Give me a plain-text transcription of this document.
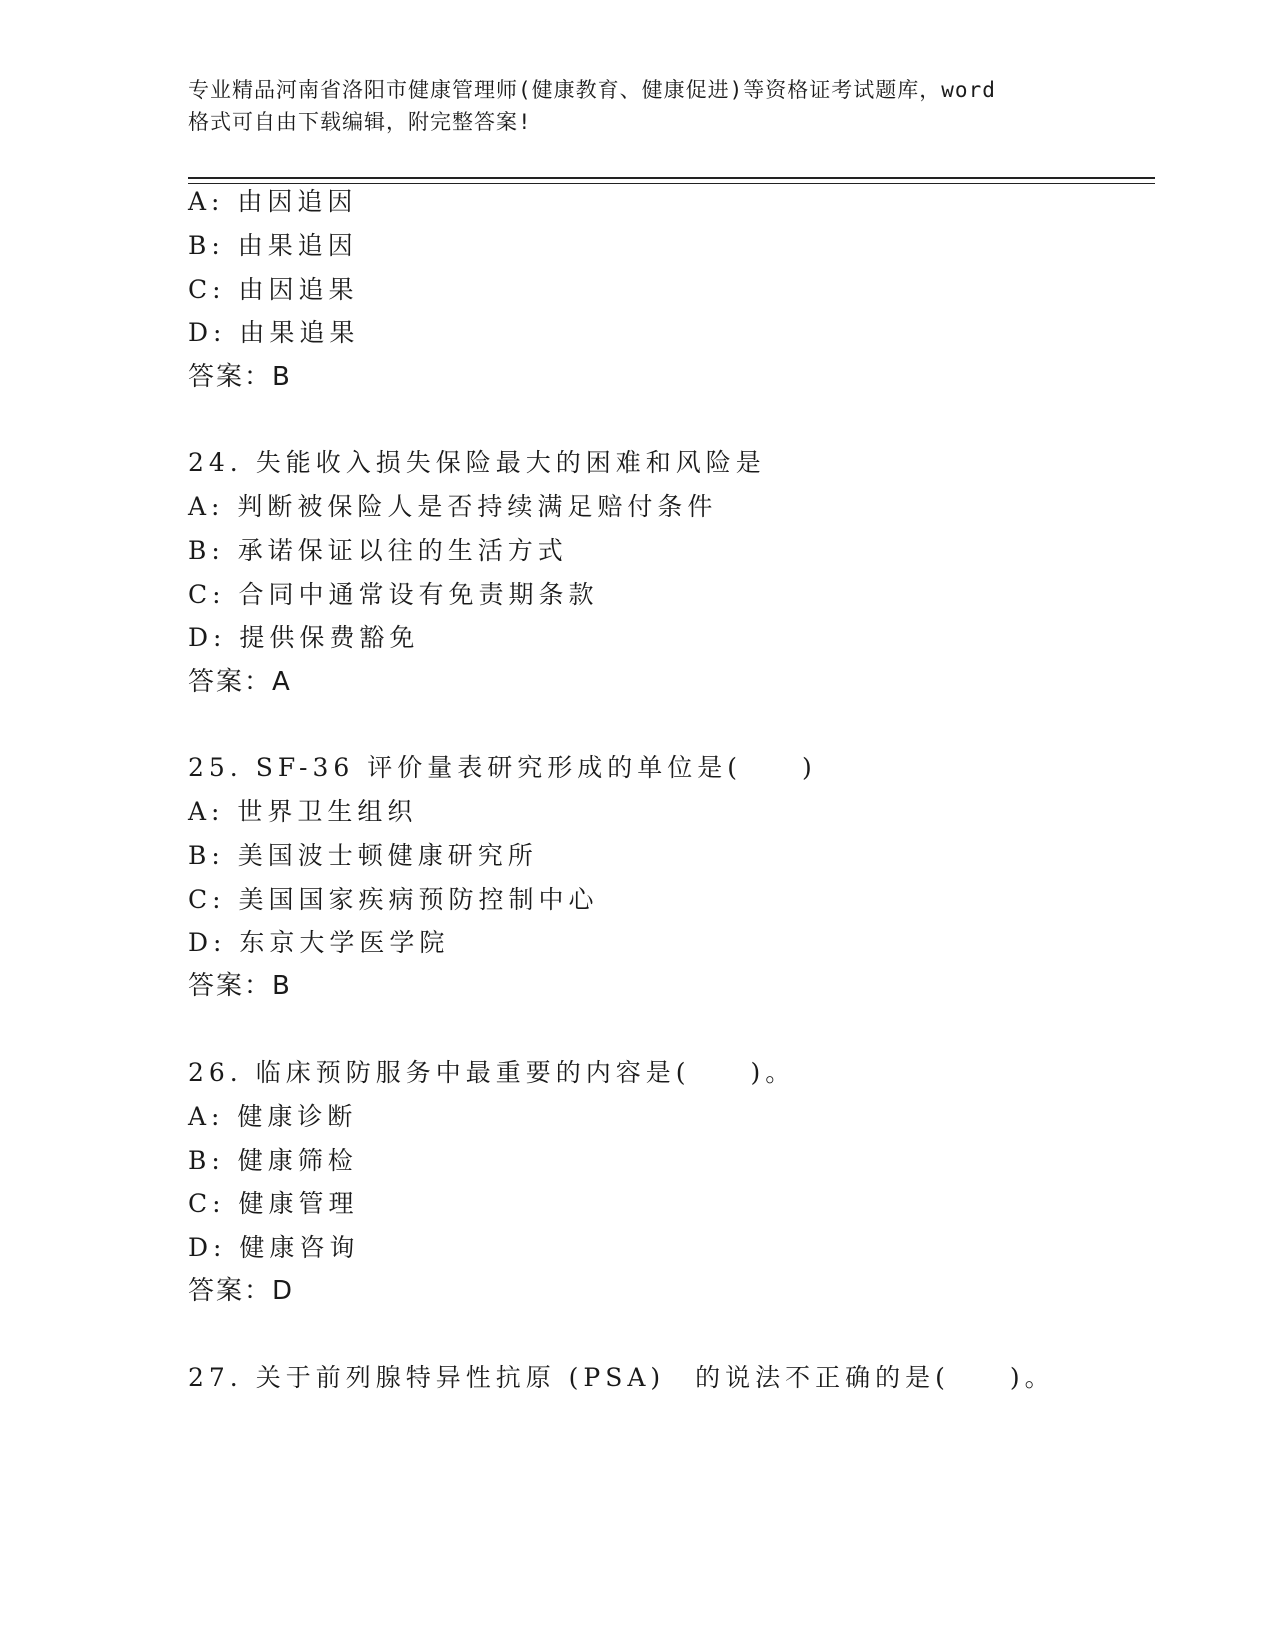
专业精品河南省洛阳市健康管理师(健康教育、健康促进)等资格证考试题库，word
格式可自由下载编辑，附完整答案!
A: 由因追因
B: 由果追因
C: 由因追果
D: 由果追果
答案：B
24. 失能收入损失保险最大的困难和风险是
A: 判断被保险人是否持续满足赔付条件
B: 承诺保证以往的生活方式
C: 合同中通常设有免责期条款
D: 提供保费豁免
答案：A
25. SF-36 评价量表研究形成的单位是(　　)
A: 世界卫生组织
B: 美国波士顿健康研究所
C: 美国国家疾病预防控制中心
D: 东京大学医学院
答案：B
26. 临床预防服务中最重要的内容是(　　)。
A: 健康诊断
B: 健康筛检
C: 健康管理
D: 健康咨询
答案：D
27. 关于前列腺特异性抗原 (PSA)　的说法不正确的是(　　)。
